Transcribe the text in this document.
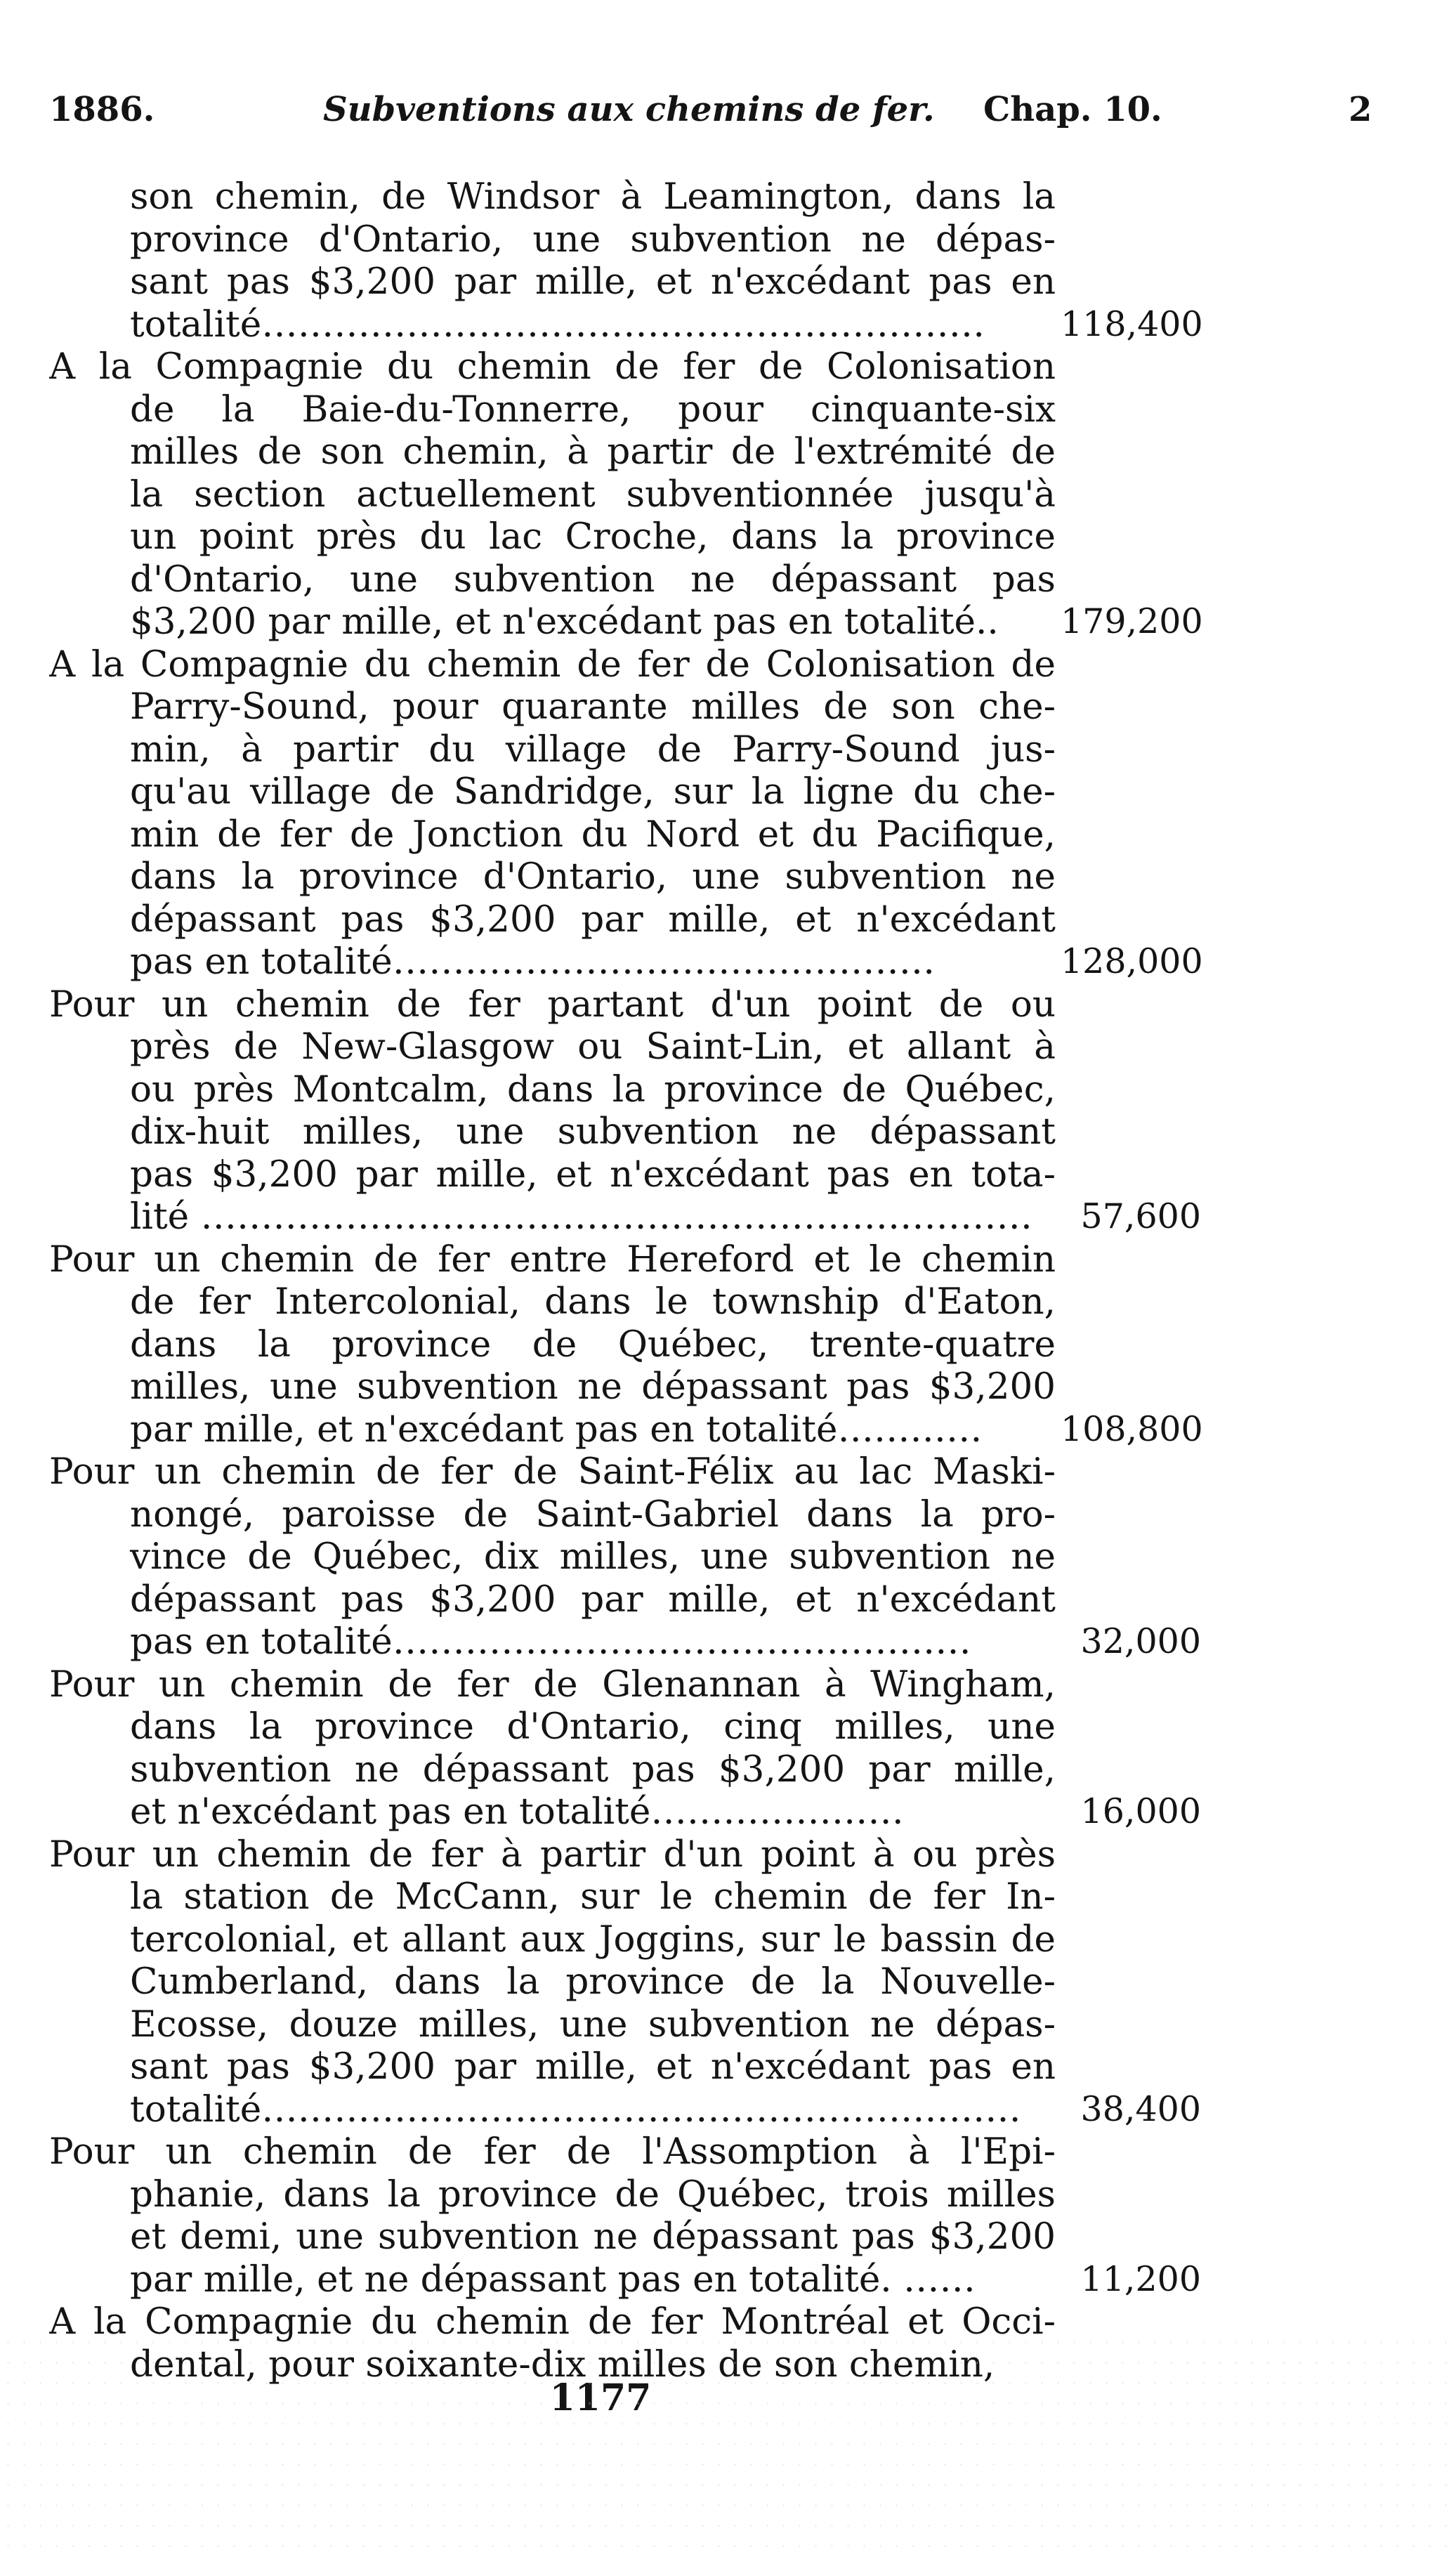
1886.	Subventions aux chemins de fer. Chap. 10.	2
son chemin, de Windsor à Leamington, dans la
province d'Ontario, une subvention ne dépas-
sant pas $3,200 par mille, et n'excédant pas en
totalité……………………………………………………	118,400
A la Compagnie du chemin de fer de Colonisation
de la Baie-du-Tonnerre, pour cinquante-six
milles de son chemin, à partir de l'extrémité de
la section actuellement subventionnée jusqu'à
un point près du lac Croche, dans la province
d'Ontario, une subvention ne dépassant pas
$3,200 par mille, et n'excédant pas en totalité..	179,200
A la Compagnie du chemin de fer de Colonisation de
Parry-Sound, pour quarante milles de son che-
min, à partir du village de Parry-Sound jus-
qu'au village de Sandridge, sur la ligne du che-
min de fer de Jonction du Nord et du Pacifique,
dans la province d'Ontario, une subvention ne
dépassant pas $3,200 par mille, et n'excédant
pas en totalité………………………………………	128,000
Pour un chemin de fer partant d'un point de ou
près de New-Glasgow ou Saint-Lin, et allant à
ou près Montcalm, dans la province de Québec,
dix-huit milles, une subvention ne dépassant
pas $3,200 par mille, et n'excédant pas en tota-
lité ……………………………………………………………	57,600
Pour un chemin de fer entre Hereford et le chemin
de fer Intercolonial, dans le township d'Eaton,
dans la province de Québec, trente-quatre
milles, une subvention ne dépassant pas $3,200
par mille, et n'excédant pas en totalité…………	108,800
Pour un chemin de fer de Saint-Félix au lac Maski-
nongé, paroisse de Saint-Gabriel dans la pro-
vince de Québec, dix milles, une subvention ne
dépassant pas $3,200 par mille, et n'excédant
pas en totalité…………………………………………	32,000
Pour un chemin de fer de Glenannan à Wingham,
dans la province d'Ontario, cinq milles, une
subvention ne dépassant pas $3,200 par mille,
et n'excédant pas en totalité…………………	16,000
Pour un chemin de fer à partir d'un point à ou près
la station de McCann, sur le chemin de fer In-
tercolonial, et allant aux Joggins, sur le bassin de
Cumberland, dans la province de la Nouvelle-
Ecosse, douze milles, une subvention ne dépas-
sant pas $3,200 par mille, et n'excédant pas en
totalité………………………………………………………	38,400
Pour un chemin de fer de l'Assomption à l'Epi-
phanie, dans la province de Québec, trois milles
et demi, une subvention ne dépassant pas $3,200
par mille, et ne dépassant pas en totalité. ……	11,200
A la Compagnie du chemin de fer Montréal et Occi-
dental, pour soixante-dix milles de son chemin,
1177
